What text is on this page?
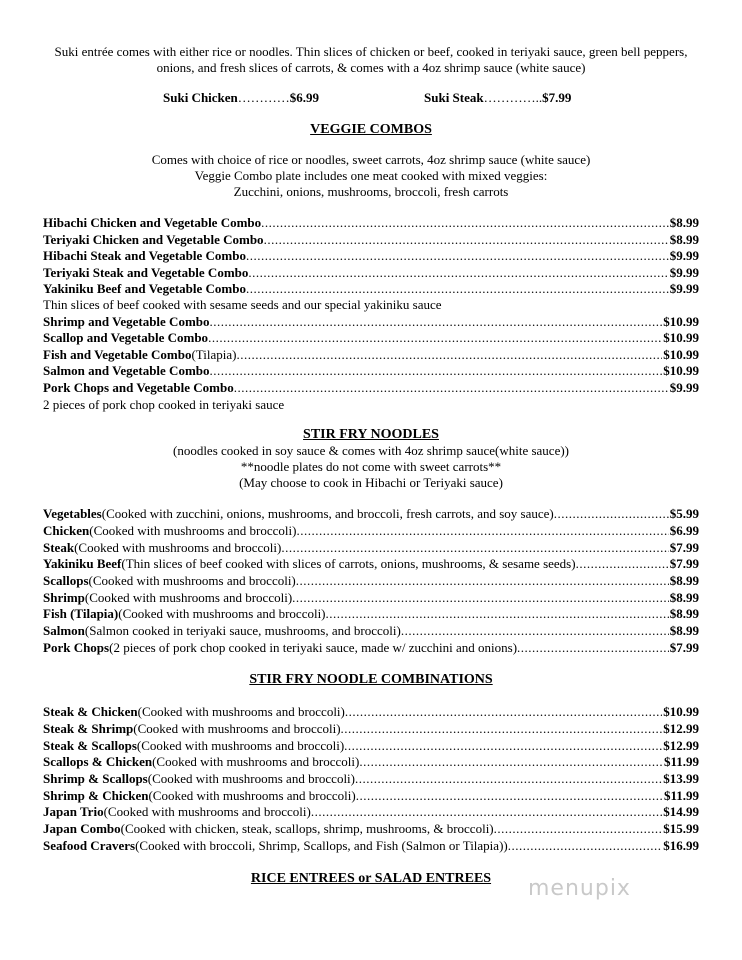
Suki entrée comes with either rice or noodles. Thin slices of chicken or beef, cooked in teriyaki sauce, green bell peppers,
onions, and fresh slices of carrots, & comes with a 4oz shrimp sauce (white sauce)
Suki Chicken…………$6.99	Suki Steak…………..$7.99
VEGGIE COMBOS
Comes with choice of rice or noodles, sweet carrots, 4oz shrimp sauce (white sauce)
Veggie Combo plate includes one meat cooked with mixed veggies:
Zucchini, onions, mushrooms, broccoli, fresh carrots
Hibachi Chicken and Vegetable Combo .....	$8.99
Teriyaki Chicken and Vegetable Combo .....	$8.99
Hibachi Steak and Vegetable Combo .....	$9.99
Teriyaki Steak and Vegetable Combo .....	$9.99
Yakiniku Beef and Vegetable Combo .....	$9.99
Shrimp and Vegetable Combo .....	$10.99
Scallop and Vegetable Combo .....	$10.99
Fish and Vegetable Combo (Tilapia) .....	$10.99
Salmon and Vegetable Combo .....	$10.99
Pork Chops and Vegetable Combo .....	$9.99
Thin slices of beef cooked with sesame seeds and our special yakiniku sauce
2 pieces of pork chop cooked in teriyaki sauce
STIR FRY NOODLES
(noodles cooked in soy sauce & comes with 4oz shrimp sauce(white sauce))
**noodle plates do not come with sweet carrots**
(May choose to cook in Hibachi or Teriyaki sauce)
Vegetables (Cooked with zucchini, onions, mushrooms, and broccoli, fresh carrots, and soy sauce) .....	$5.99
Chicken (Cooked with mushrooms and broccoli) .....	$6.99
Steak (Cooked with mushrooms and broccoli) .....	$7.99
Yakiniku Beef (Thin slices of beef cooked with slices of carrots, onions, mushrooms, & sesame seeds) .....	$7.99
Scallops (Cooked with mushrooms and broccoli) .....	$8.99
Shrimp (Cooked with mushrooms and broccoli) .....	$8.99
Fish (Tilapia) (Cooked with mushrooms and broccoli) .....	$8.99
Salmon (Salmon cooked in teriyaki sauce, mushrooms, and broccoli) .....	$8.99
Pork Chops (2 pieces of pork chop cooked in teriyaki sauce, made w/ zucchini and onions) .....	$7.99
STIR FRY NOODLE COMBINATIONS
Steak & Chicken (Cooked with mushrooms and broccoli) .....	$10.99
Steak & Shrimp (Cooked with mushrooms and broccoli) .....	$12.99
Steak & Scallops (Cooked with mushrooms and broccoli) .....	$12.99
Scallops & Chicken (Cooked with mushrooms and broccoli) .....	$11.99
Shrimp & Scallops (Cooked with mushrooms and broccoli) .....	$13.99
Shrimp & Chicken (Cooked with mushrooms and broccoli) .....	$11.99
Japan Trio (Cooked with mushrooms and broccoli) .....	$14.99
Japan Combo (Cooked with chicken, steak, scallops, shrimp, mushrooms, & broccoli) .....	$15.99
Seafood Cravers (Cooked with broccoli, Shrimp, Scallops, and Fish (Salmon or Tilapia)) .....	$16.99
RICE ENTREES or SALAD ENTREES	menupix
